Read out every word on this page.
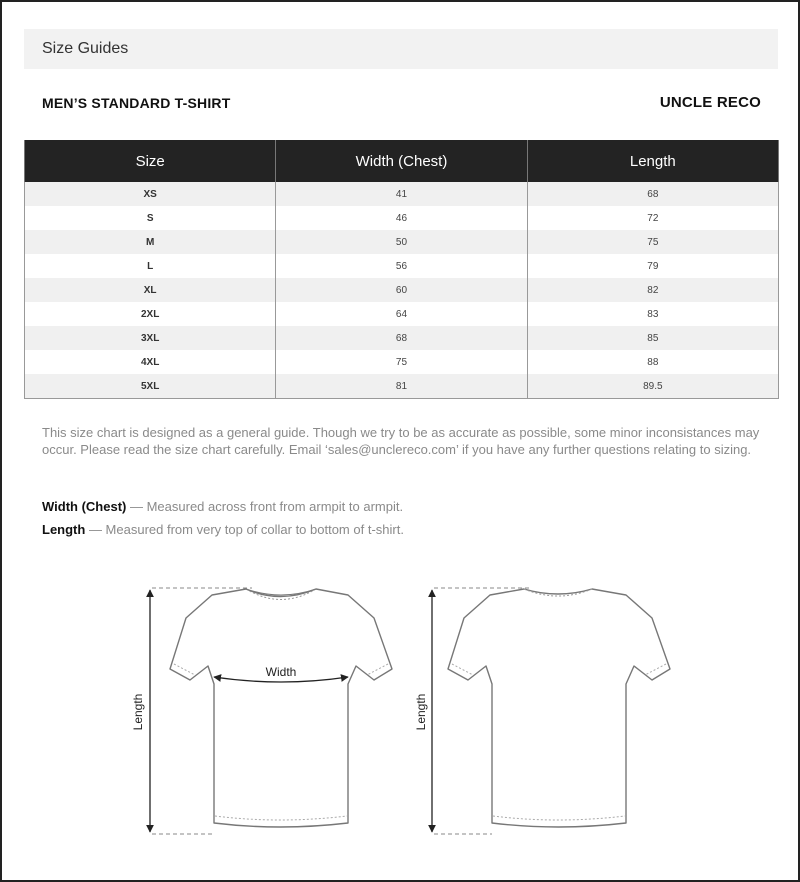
Size Guides
MEN’S STANDARD T-SHIRT	UNCLE RECO
Size	Width (Chest)	Length
XS	41	68
S	46	72
M	50	75
L	56	79
XL	60	82
2XL	64	83
3XL	68	85
4XL	75	88
5XL	81	89.5
This size chart is designed as a general guide. Though we try to be as accurate as possible, some minor inconsistances may occur. Please read the size chart carefully. Email ‘sales@unclereco.com’ if you have any further questions relating to sizing.
Width (Chest) — Measured across front from armpit to armpit.
Length — Measured from very top of collar to bottom of t-shirt.
Width
Length	Length
